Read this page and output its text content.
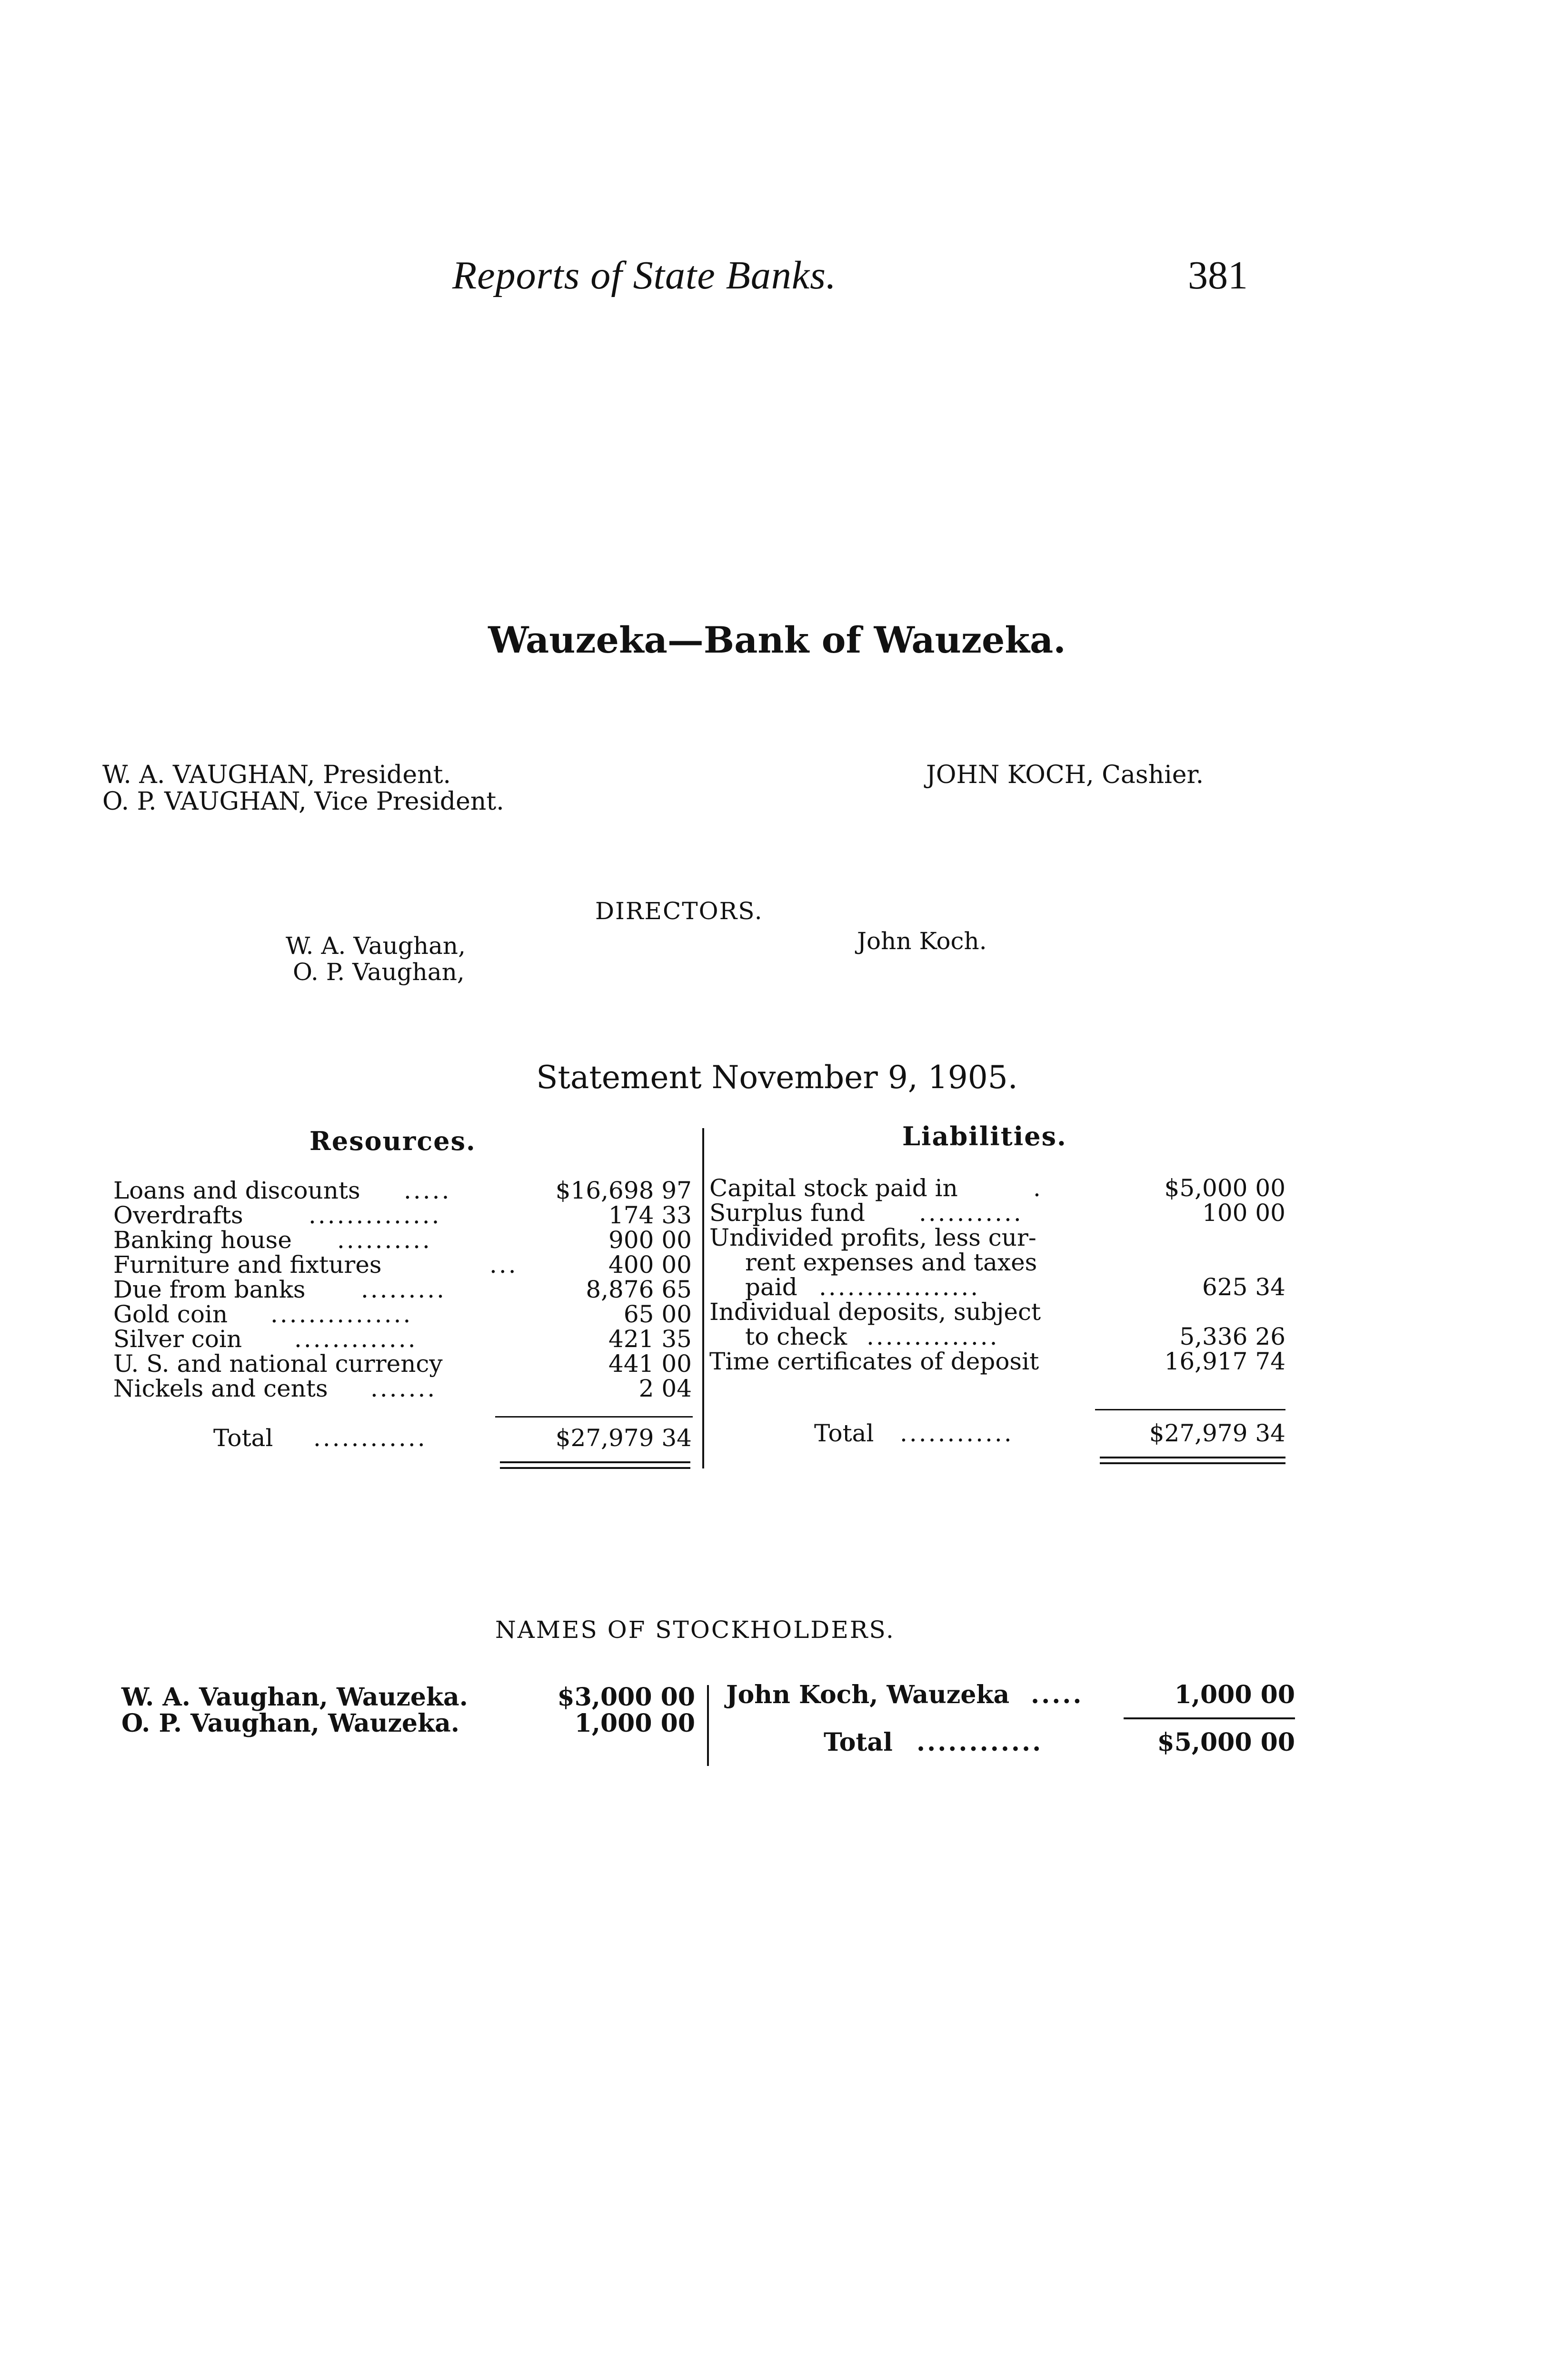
Reports of State Banks.	381
Wauzeka—Bank of Wauzeka.
W. A. VAUGHAN, President.
O. P. VAUGHAN, Vice President.
JOHN KOCH, Cashier.
DIRECTORS.
W. A. Vaughan,
O. P. Vaughan,
John Koch.
Statement November 9, 1905.
Resources.	Liabilities.
Loans and discounts .....	$16,698 97
Overdrafts	..............	174 33
Banking house ..........	900 00
Furniture and fixtures	...	400 00
Due from banks .........	8,876 65
Gold coin ...............	65 00
Silver coin .............	421 35
U. S. and national currency	441 00
Nickels and cents .......	2 04
Total ............	$27,979 34
Capital stock paid in	.	$5,000 00
Surplus fund ...........	100 00
Undivided profits, less cur-
rent expenses and taxes
paid .................	625 34
Individual deposits, subject
to check ..............	5,336 26
Time certificates of deposit	16,917 74
Total ............	$27,979 34
NAMES OF STOCKHOLDERS.
W. A. Vaughan, Wauzeka.	$3,000 00
O. P. Vaughan, Wauzeka.	1,000 00
John Koch, Wauzeka .....	1,000 00
Total ............	$5,000 00
